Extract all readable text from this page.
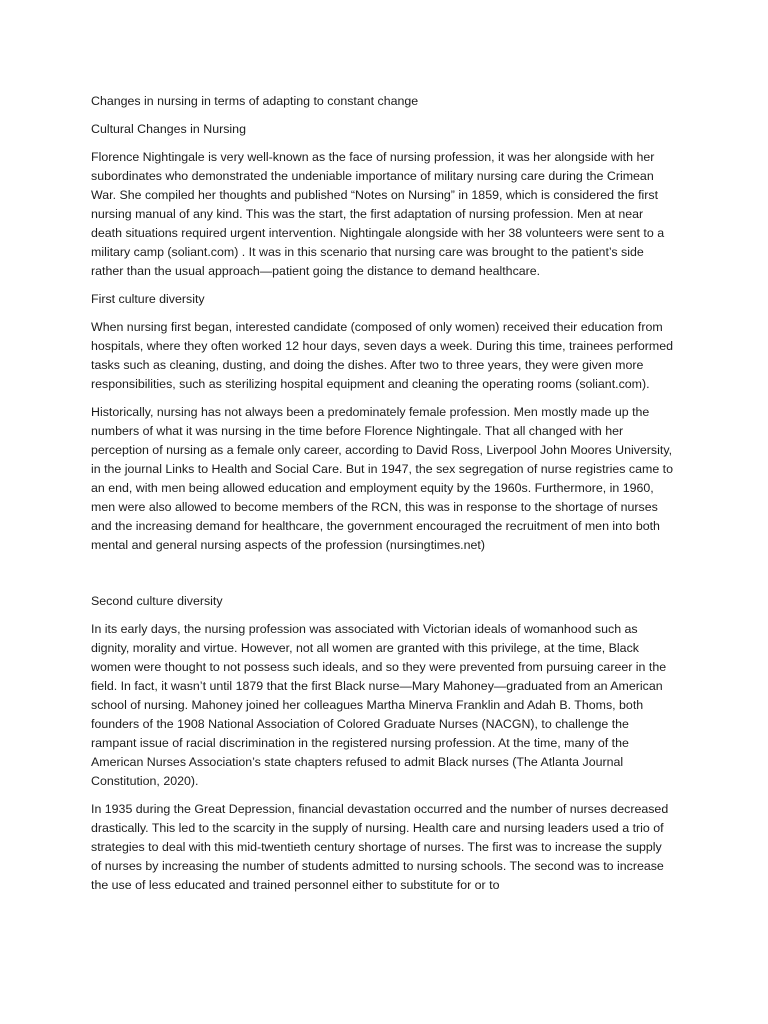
Changes in nursing in terms of adapting to constant change

Cultural Changes in Nursing

Florence Nightingale is very well-known as the face of nursing profession, it was her alongside with her subordinates who demonstrated the undeniable importance of military nursing care during the Crimean War. She compiled her thoughts and published “Notes on Nursing” in 1859, which is considered the first nursing manual of any kind. This was the start, the first adaptation of nursing profession. Men at near death situations required urgent intervention. Nightingale alongside with her 38 volunteers were sent to a military camp (soliant.com) . It was in this scenario that nursing care was brought to the patient’s side rather than the usual approach—patient going the distance to demand healthcare.

First culture diversity

When nursing first began, interested candidate (composed of only women) received their education from hospitals, where they often worked 12 hour days, seven days a week. During this time, trainees performed tasks such as cleaning, dusting, and doing the dishes. After two to three years, they were given more responsibilities, such as sterilizing hospital equipment and cleaning the operating rooms (soliant.com).

Historically, nursing has not always been a predominately female profession. Men mostly made up the numbers of what it was nursing in the time before Florence Nightingale. That all changed with her perception of nursing as a female only career, according to David Ross, Liverpool John Moores University, in the journal Links to Health and Social Care. But in 1947, the sex segregation of nurse registries came to an end, with men being allowed education and employment equity by the 1960s. Furthermore, in 1960, men were also allowed to become members of the RCN, this was in response to the shortage of nurses and the increasing demand for healthcare, the government encouraged the recruitment of men into both mental and general nursing aspects of the profession (nursingtimes.net)

Second culture diversity

In its early days, the nursing profession was associated with Victorian ideals of womanhood such as dignity, morality and virtue. However, not all women are granted with this privilege, at the time, Black women were thought to not possess such ideals, and so they were prevented from pursuing career in the field. In fact, it wasn’t until 1879 that the first Black nurse—Mary Mahoney—graduated from an American school of nursing. Mahoney joined her colleagues Martha Minerva Franklin and Adah B. Thoms, both founders of the 1908 National Association of Colored Graduate Nurses (NACGN), to challenge the rampant issue of racial discrimination in the registered nursing profession. At the time, many of the American Nurses Association’s state chapters refused to admit Black nurses (The Atlanta Journal Constitution, 2020).

In 1935 during the Great Depression, financial devastation occurred and the number of nurses decreased drastically. This led to the scarcity in the supply of nursing. Health care and nursing leaders used a trio of strategies to deal with this mid-twentieth century shortage of nurses. The first was to increase the supply of nurses by increasing the number of students admitted to nursing schools. The second was to increase the use of less educated and trained personnel either to substitute for or to
